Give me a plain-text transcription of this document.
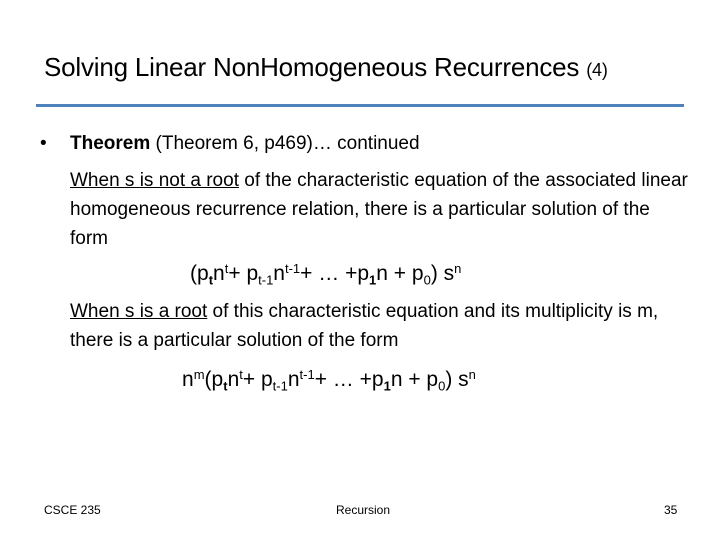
Solving Linear NonHomogeneous Recurrences (4)
• Theorem (Theorem 6, p469)… continued
When s is not a root of the characteristic equation of the associated linear homogeneous recurrence relation, there is a particular solution of the form
($p_tn^t+ p_{t-1}n^{t-1}+$ … $+p_1n + p_0$) $s^n$
When s is a root of this characteristic equation and its multiplicity is m, there is a particular solution of the form
$n^m(p_tn^t+ p_{t-1}n^{t-1}+$ … $+p_1n + p_0$) $s^n$
CSCE 235	Recursion	35
